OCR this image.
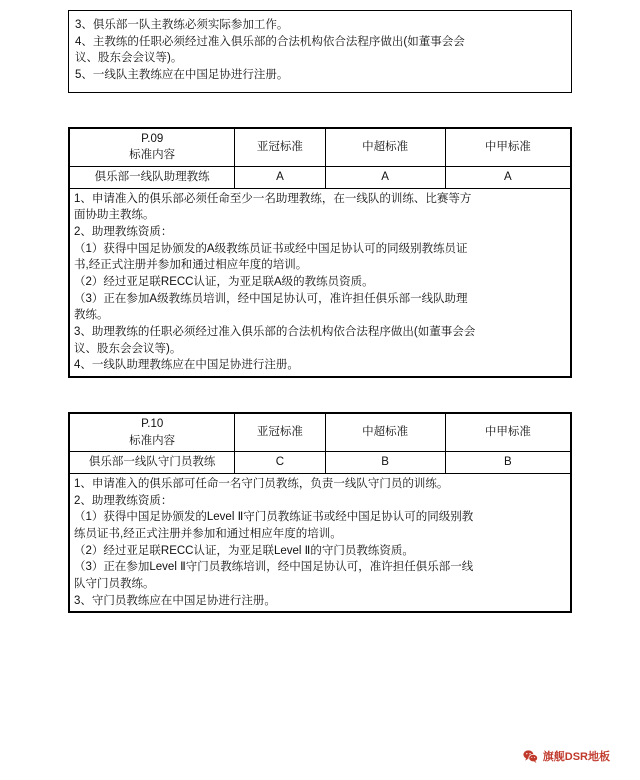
3、俱乐部一队主教练必须实际参加工作。

4、主教练的任职必须经过准入俱乐部的合法机构依合法程序做出(如董事会会

议、股东会会议等)。

5、一线队主教练应在中国足协进行注册。

P.09
标准内容	亚冠标准	中超标准	中甲标准
俱乐部一线队助理教练	A	A	A

1、申请准入的俱乐部必须任命至少一名助理教练，在一线队的训练、比赛等方

面协助主教练。

2、助理教练资质：

（1）获得中国足协颁发的A级教练员证书或经中国足协认可的同级别教练员证

书,经正式注册并参加和通过相应年度的培训。

（2）经过亚足联RECC认证，为亚足联A级的教练员资质。

（3）正在参加A级教练员培训，经中国足协认可，准许担任俱乐部一线队助理

教练。

3、助理教练的任职必须经过准入俱乐部的合法机构依合法程序做出(如董事会会

议、股东会会议等)。

4、一线队助理教练应在中国足协进行注册。

P.10
标准内容	亚冠标准	中超标准	中甲标准
俱乐部一线队守门员教练	C	B	B

1、申请准入的俱乐部可任命一名守门员教练，负责一线队守门员的训练。

2、助理教练资质：

（1）获得中国足协颁发的Level Ⅱ守门员教练证书或经中国足协认可的同级别教

练员证书,经正式注册并参加和通过相应年度的培训。

（2）经过亚足联RECC认证，为亚足联Level Ⅱ的守门员教练资质。

（3）正在参加Level Ⅱ守门员教练培训，经中国足协认可，准许担任俱乐部一线

队守门员教练。

3、守门员教练应在中国足协进行注册。

旗舰DSR地板
